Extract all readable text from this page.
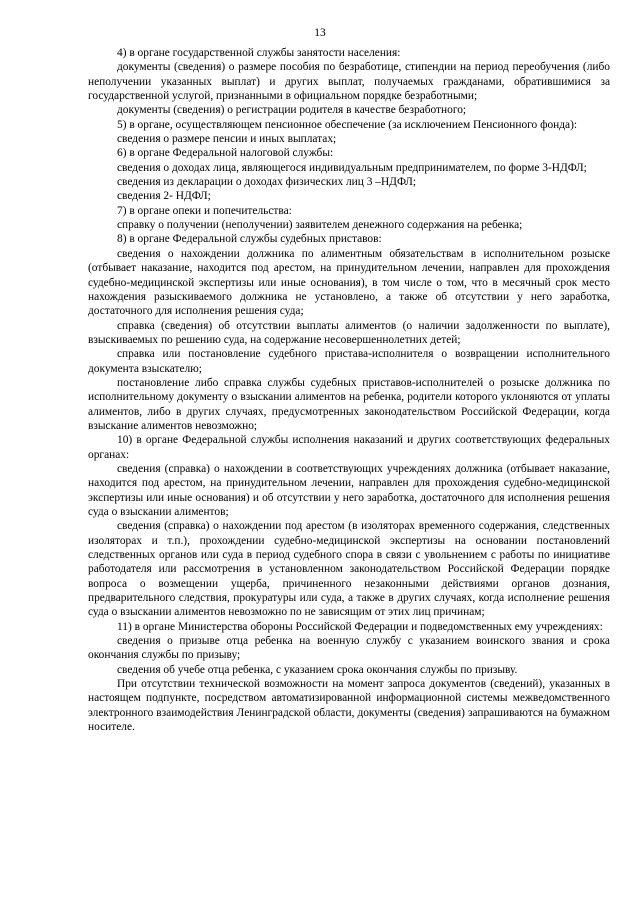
13

4) в органе государственной службы занятости населения:

документы (сведения) о размере пособия по безработице, стипендии на период переобучения (либо неполучении указанных выплат) и других выплат, получаемых гражданами, обратившимися за государственной услугой, признанными в официальном порядке безработными;

документы (сведения) о регистрации родителя в качестве безработного;

5) в органе, осуществляющем пенсионное обеспечение (за исключением Пенсионного фонда):

сведения о размере пенсии и иных выплатах;

6) в органе Федеральной налоговой службы:

сведения о доходах лица, являющегося индивидуальным предпринимателем, по форме 3-НДФЛ;

сведения из декларации о доходах физических лиц 3 –НДФЛ;

сведения 2- НДФЛ;

7) в органе опеки и попечительства:

справку о получении (неполучении) заявителем денежного содержания на ребенка;

8) в органе Федеральной службы судебных приставов:

сведения о нахождении должника по алиментным обязательствам в исполнительном розыске (отбывает наказание, находится под арестом, на принудительном лечении, направлен для прохождения судебно-медицинской экспертизы или иные основания), в том числе о том, что в месячный срок место нахождения разыскиваемого должника не установлено, а также об отсутствии у него заработка, достаточного для исполнения решения суда;

справка (сведения) об отсутствии выплаты алиментов (о наличии задолженности по выплате), взыскиваемых по решению суда, на содержание несовершеннолетних детей;

справка или постановление судебного пристава-исполнителя о возвращении исполнительного документа взыскателю;

постановление либо справка службы судебных приставов-исполнителей о розыске должника по исполнительному документу о взыскании алиментов на ребенка, родители которого уклоняются от уплаты алиментов, либо в других случаях, предусмотренных законодательством Российской Федерации, когда взыскание алиментов невозможно;

10) в органе Федеральной службы исполнения наказаний и других соответствующих федеральных органах:

сведения (справка) о нахождении в соответствующих учреждениях должника (отбывает наказание, находится под арестом, на принудительном лечении, направлен для прохождения судебно-медицинской экспертизы или иные основания) и об отсутствии у него заработка, достаточного для исполнения решения суда о взыскании алиментов;

сведения (справка) о нахождении под арестом (в изоляторах временного содержания, следственных изоляторах и т.п.), прохождении судебно-медицинской экспертизы на основании постановлений следственных органов или суда в период судебного спора в связи с увольнением с работы по инициативе работодателя или рассмотрения в установленном законодательством Российской Федерации порядке вопроса о возмещении ущерба, причиненного незаконными действиями органов дознания, предварительного следствия, прокуратуры или суда, а также в других случаях, когда исполнение решения суда о взыскании алиментов невозможно по не зависящим от этих лиц причинам;

11) в органе Министерства обороны Российской Федерации и подведомственных ему учреждениях:

сведения о призыве отца ребенка на военную службу с указанием воинского звания и срока окончания службы по призыву;

сведения об учебе отца ребенка, с указанием срока окончания службы по призыву.

При отсутствии технической возможности на момент запроса документов (сведений), указанных в настоящем подпункте, посредством автоматизированной информационной системы межведомственного электронного взаимодействия Ленинградской области, документы (сведения) запрашиваются на бумажном носителе.
